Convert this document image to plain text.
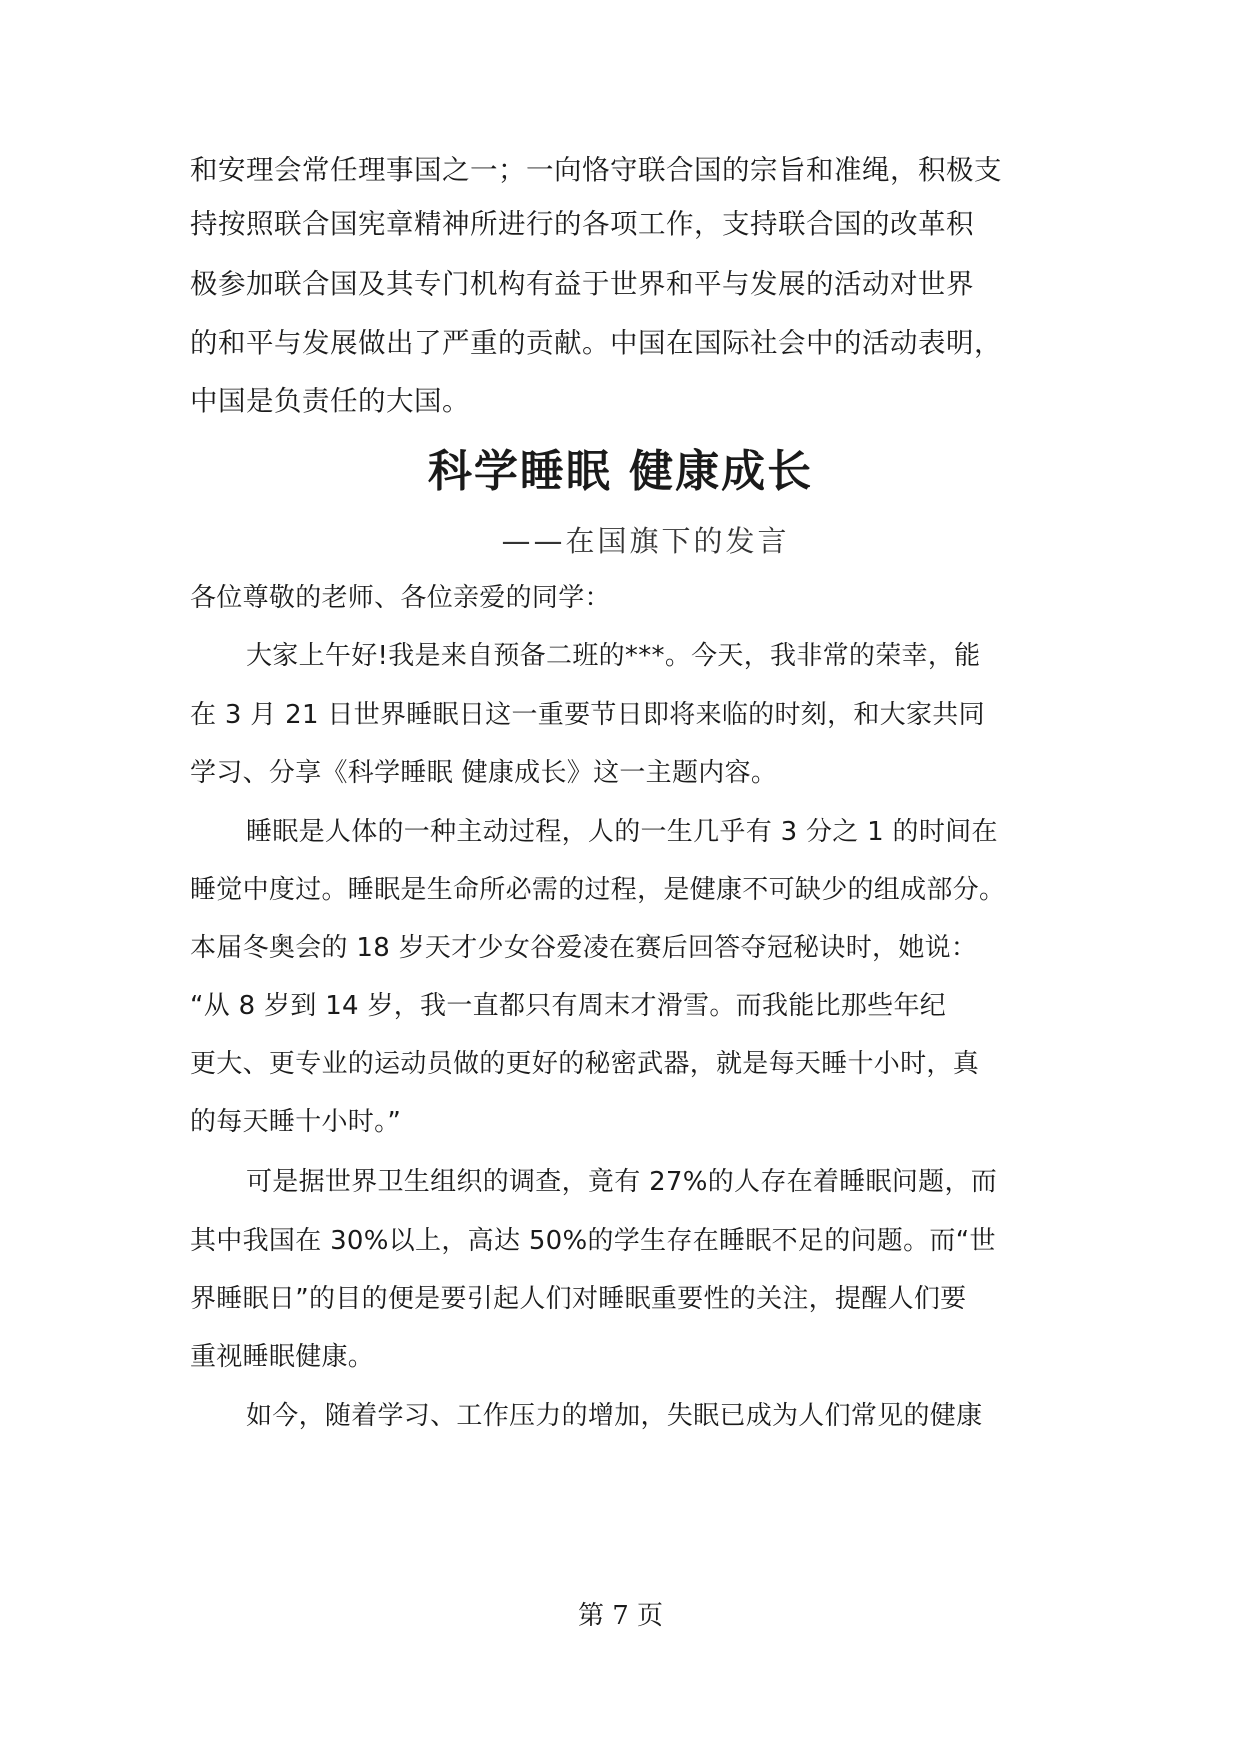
和安理会常任理事国之一；一向恪守联合国的宗旨和准绳，积极支
持按照联合国宪章精神所进行的各项工作，支持联合国的改革积
极参加联合国及其专门机构有益于世界和平与发展的活动对世界
的和平与发展做出了严重的贡献。中国在国际社会中的活动表明，
中国是负责任的大国。
科学睡眠 健康成长
——在国旗下的发言
各位尊敬的老师、各位亲爱的同学：
大家上午好!我是来自预备二班的***。今天，我非常的荣幸，能
在 3 月 21 日世界睡眠日这一重要节日即将来临的时刻，和大家共同
学习、分享《科学睡眠 健康成长》这一主题内容。
睡眠是人体的一种主动过程，人的一生几乎有 3 分之 1 的时间在
睡觉中度过。睡眠是生命所必需的过程，是健康不可缺少的组成部分。
本届冬奥会的 18 岁天才少女谷爱凌在赛后回答夺冠秘诀时，她说：
“从 8 岁到 14 岁，我一直都只有周末才滑雪。而我能比那些年纪
更大、更专业的运动员做的更好的秘密武器，就是每天睡十小时，真
的每天睡十小时。”
可是据世界卫生组织的调查，竟有 27%的人存在着睡眠问题，而
其中我国在 30%以上，高达 50%的学生存在睡眠不足的问题。而“世
界睡眠日”的目的便是要引起人们对睡眠重要性的关注，提醒人们要
重视睡眠健康。
如今，随着学习、工作压力的增加，失眠已成为人们常见的健康
第 7 页
